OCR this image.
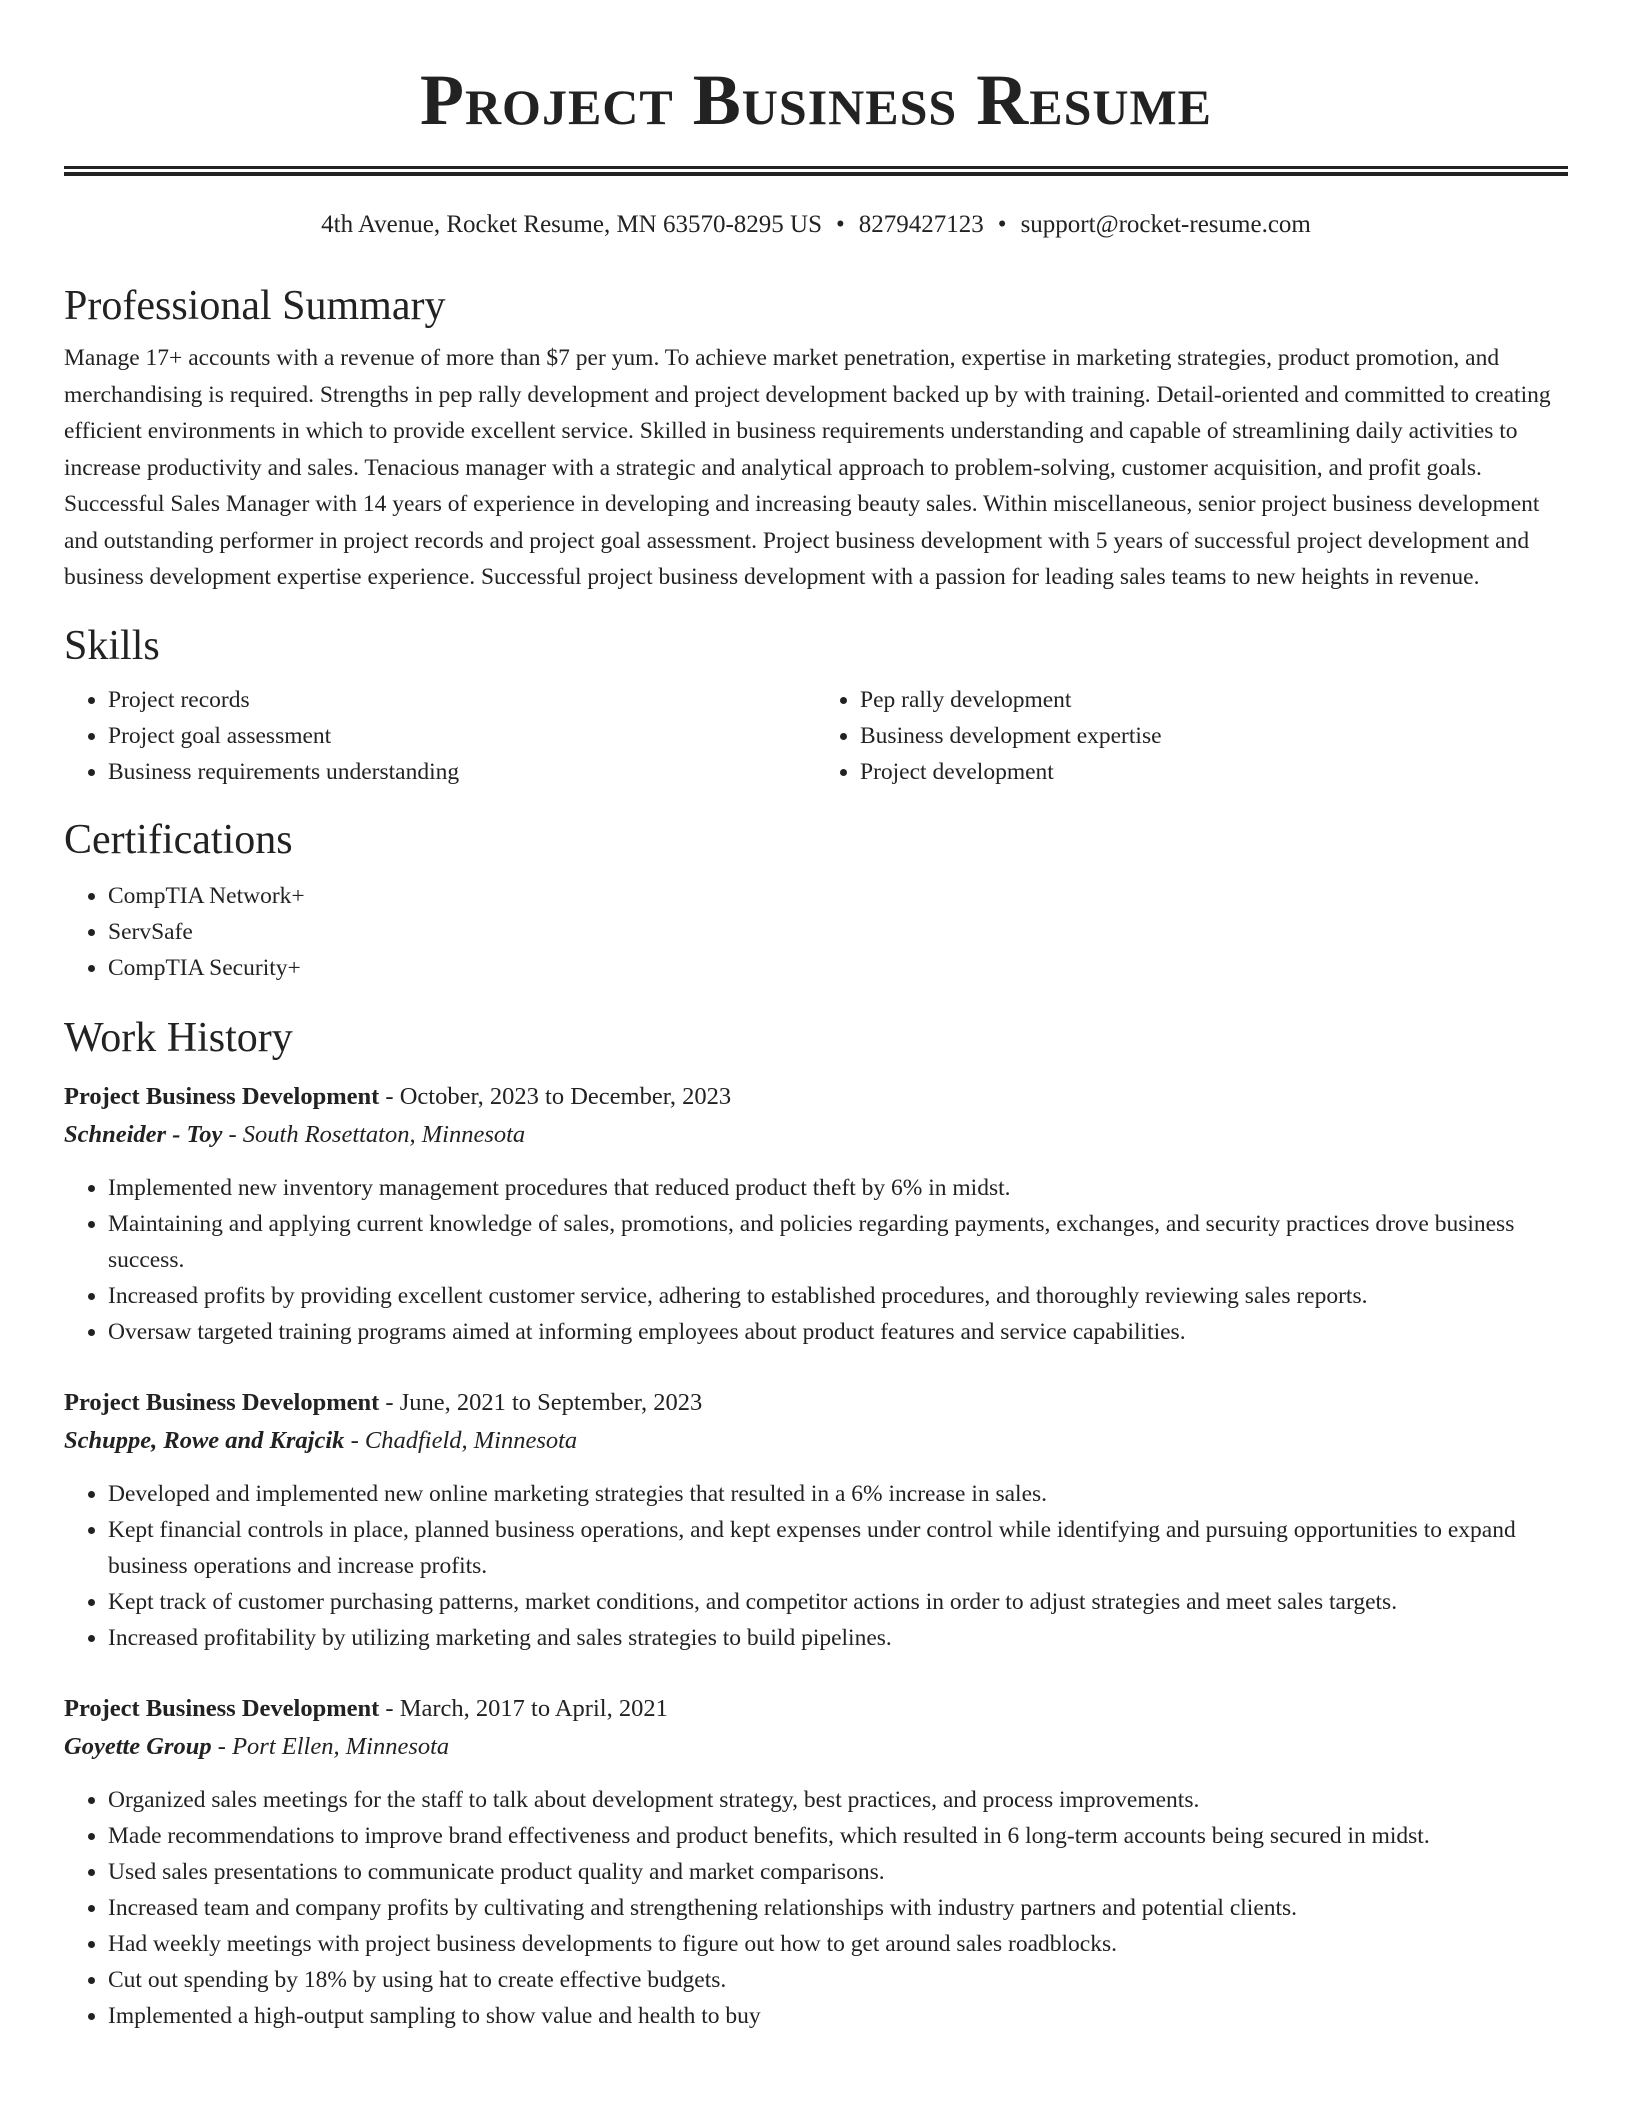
Project Business Resume
4th Avenue, Rocket Resume, MN 63570-8295 US • 8279427123 • support@rocket-resume.com
Professional Summary
Manage 17+ accounts with a revenue of more than $7 per yum. To achieve market penetration, expertise in marketing strategies, product promotion, and merchandising is required. Strengths in pep rally development and project development backed up by with training. Detail-oriented and committed to creating efficient environments in which to provide excellent service. Skilled in business requirements understanding and capable of streamlining daily activities to increase productivity and sales. Tenacious manager with a strategic and analytical approach to problem-solving, customer acquisition, and profit goals. Successful Sales Manager with 14 years of experience in developing and increasing beauty sales. Within miscellaneous, senior project business development and outstanding performer in project records and project goal assessment. Project business development with 5 years of successful project development and business development expertise experience. Successful project business development with a passion for leading sales teams to new heights in revenue.
Skills
• Project records
• Project goal assessment
• Business requirements understanding
• Pep rally development
• Business development expertise
• Project development
Certifications
• CompTIA Network+
• ServSafe
• CompTIA Security+
Work History
Project Business Development - October, 2023 to December, 2023
Schneider - Toy - South Rosettaton, Minnesota
• Implemented new inventory management procedures that reduced product theft by 6% in midst.
• Maintaining and applying current knowledge of sales, promotions, and policies regarding payments, exchanges, and security practices drove business success.
• Increased profits by providing excellent customer service, adhering to established procedures, and thoroughly reviewing sales reports.
• Oversaw targeted training programs aimed at informing employees about product features and service capabilities.
Project Business Development - June, 2021 to September, 2023
Schuppe, Rowe and Krajcik - Chadfield, Minnesota
• Developed and implemented new online marketing strategies that resulted in a 6% increase in sales.
• Kept financial controls in place, planned business operations, and kept expenses under control while identifying and pursuing opportunities to expand business operations and increase profits.
• Kept track of customer purchasing patterns, market conditions, and competitor actions in order to adjust strategies and meet sales targets.
• Increased profitability by utilizing marketing and sales strategies to build pipelines.
Project Business Development - March, 2017 to April, 2021
Goyette Group - Port Ellen, Minnesota
• Organized sales meetings for the staff to talk about development strategy, best practices, and process improvements.
• Made recommendations to improve brand effectiveness and product benefits, which resulted in 6 long-term accounts being secured in midst.
• Used sales presentations to communicate product quality and market comparisons.
• Increased team and company profits by cultivating and strengthening relationships with industry partners and potential clients.
• Had weekly meetings with project business developments to figure out how to get around sales roadblocks.
• Cut out spending by 18% by using hat to create effective budgets.
• Implemented a high-output sampling to show value and health to buy
